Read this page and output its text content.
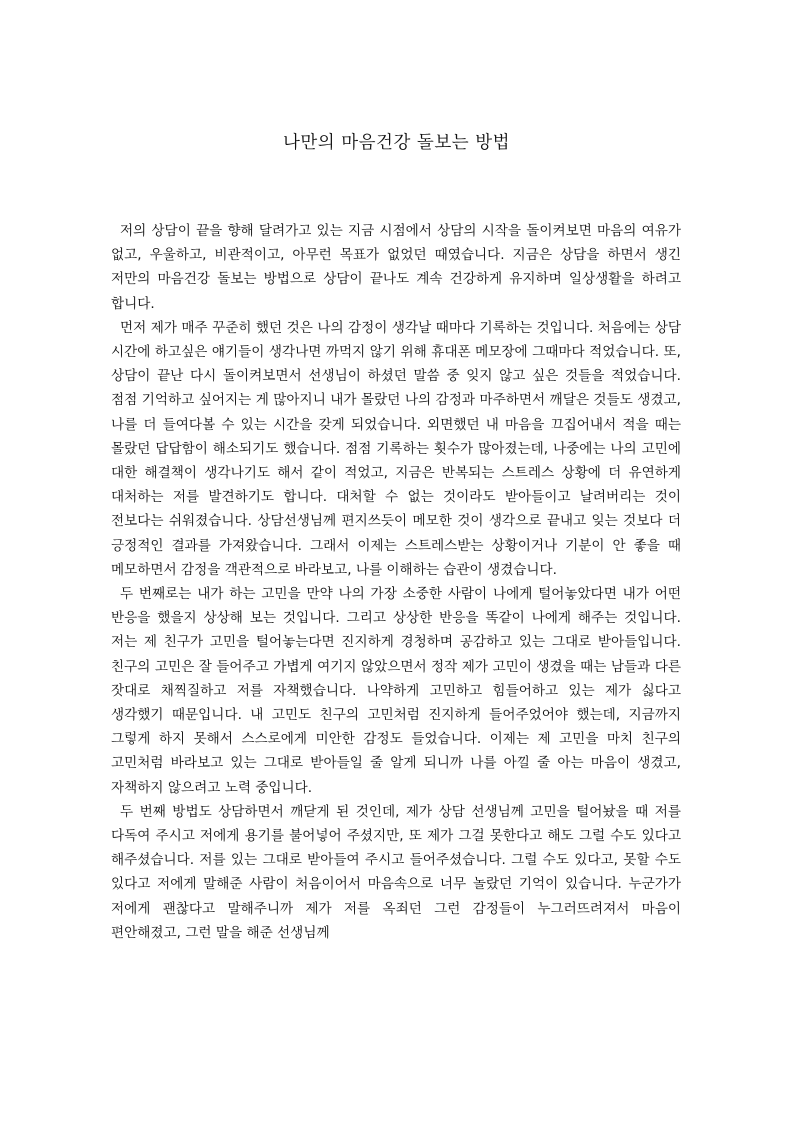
나만의 마음건강 돌보는 방법

저의 상담이 끝을 향해 달려가고 있는 지금 시점에서 상담의 시작을 돌이켜보면 마음의 여유가 없고, 우울하고, 비관적이고, 아무런 목표가 없었던 때였습니다. 지금은 상담을 하면서 생긴 저만의 마음건강 돌보는 방법으로 상담이 끝나도 계속 건강하게 유지하며 일상생활을 하려고 합니다.

먼저 제가 매주 꾸준히 했던 것은 나의 감정이 생각날 때마다 기록하는 것입니다. 처음에는 상담 시간에 하고싶은 얘기들이 생각나면 까먹지 않기 위해 휴대폰 메모장에 그때마다 적었습니다. 또, 상담이 끝난 다시 돌이켜보면서 선생님이 하셨던 말씀 중 잊지 않고 싶은 것들을 적었습니다. 점점 기억하고 싶어지는 게 많아지니 내가 몰랐던 나의 감정과 마주하면서 깨달은 것들도 생겼고, 나를 더 들여다볼 수 있는 시간을 갖게 되었습니다. 외면했던 내 마음을 끄집어내서 적을 때는 몰랐던 답답함이 해소되기도 했습니다. 점점 기록하는 횟수가 많아졌는데, 나중에는 나의 고민에 대한 해결책이 생각나기도 해서 같이 적었고, 지금은 반복되는 스트레스 상황에 더 유연하게 대처하는 저를 발견하기도 합니다. 대처할 수 없는 것이라도 받아들이고 날려버리는 것이 전보다는 쉬워졌습니다. 상담선생님께 편지쓰듯이 메모한 것이 생각으로 끝내고 잊는 것보다 더 긍정적인 결과를 가져왔습니다. 그래서 이제는 스트레스받는 상황이거나 기분이 안 좋을 때 메모하면서 감정을 객관적으로 바라보고, 나를 이해하는 습관이 생겼습니다.

두 번째로는 내가 하는 고민을 만약 나의 가장 소중한 사람이 나에게 털어놓았다면 내가 어떤 반응을 했을지 상상해 보는 것입니다. 그리고 상상한 반응을 똑같이 나에게 해주는 것입니다. 저는 제 친구가 고민을 털어놓는다면 진지하게 경청하며 공감하고 있는 그대로 받아들입니다. 친구의 고민은 잘 들어주고 가볍게 여기지 않았으면서 정작 제가 고민이 생겼을 때는 남들과 다른 잣대로 채찍질하고 저를 자책했습니다. 나약하게 고민하고 힘들어하고 있는 제가 싫다고 생각했기 때문입니다. 내 고민도 친구의 고민처럼 진지하게 들어주었어야 했는데, 지금까지 그렇게 하지 못해서 스스로에게 미안한 감정도 들었습니다. 이제는 제 고민을 마치 친구의 고민처럼 바라보고 있는 그대로 받아들일 줄 알게 되니까 나를 아낄 줄 아는 마음이 생겼고, 자책하지 않으려고 노력 중입니다.

두 번째 방법도 상담하면서 깨닫게 된 것인데, 제가 상담 선생님께 고민을 털어놨을 때 저를 다독여 주시고 저에게 용기를 불어넣어 주셨지만, 또 제가 그걸 못한다고 해도 그럴 수도 있다고 해주셨습니다. 저를 있는 그대로 받아들여 주시고 들어주셨습니다. 그럴 수도 있다고, 못할 수도 있다고 저에게 말해준 사람이 처음이어서 마음속으로 너무 놀랐던 기억이 있습니다. 누군가가 저에게 괜찮다고 말해주니까 제가 저를 옥죄던 그런 감정들이 누그러뜨려져서 마음이 편안해졌고, 그런 말을 해준 선생님께
